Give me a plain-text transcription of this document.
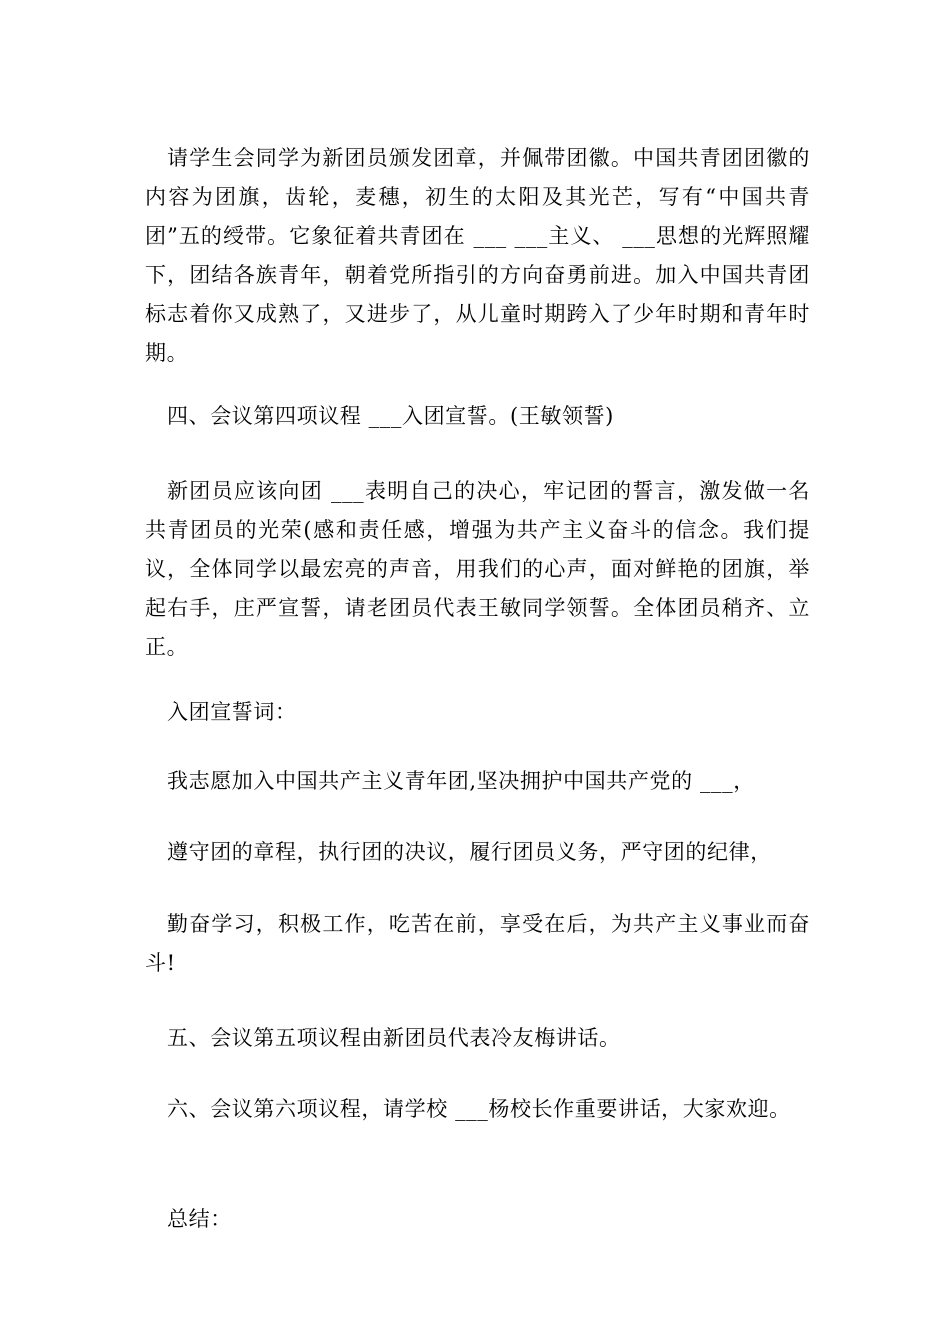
请学生会同学为新团员颁发团章，并佩带团徽。中国共青团团徽的内容为团旗，齿轮，麦穗，初生的太阳及其光芒，写有“中国共青团”五的绶带。它象征着共青团在 ___ ___主义、 ___思想的光辉照耀下，团结各族青年，朝着党所指引的方向奋勇前进。加入中国共青团标志着你又成熟了，又进步了，从儿童时期跨入了少年时期和青年时期。

四、会议第四项议程 ___入团宣誓。(王敏领誓)

新团员应该向团 ___表明自己的决心，牢记团的誓言，激发做一名共青团员的光荣(感和责任感，增强为共产主义奋斗的信念。我们提议，全体同学以最宏亮的声音，用我们的心声，面对鲜艳的团旗，举起右手，庄严宣誓，请老团员代表王敏同学领誓。全体团员稍齐、立正。

入团宣誓词：

我志愿加入中国共产主义青年团,坚决拥护中国共产党的 ___，

遵守团的章程，执行团的决议，履行团员义务，严守团的纪律，

勤奋学习，积极工作，吃苦在前，享受在后，为共产主义事业而奋斗!

五、会议第五项议程由新团员代表冷友梅讲话。

六、会议第六项议程，请学校 ___杨校长作重要讲话，大家欢迎。

总结：
